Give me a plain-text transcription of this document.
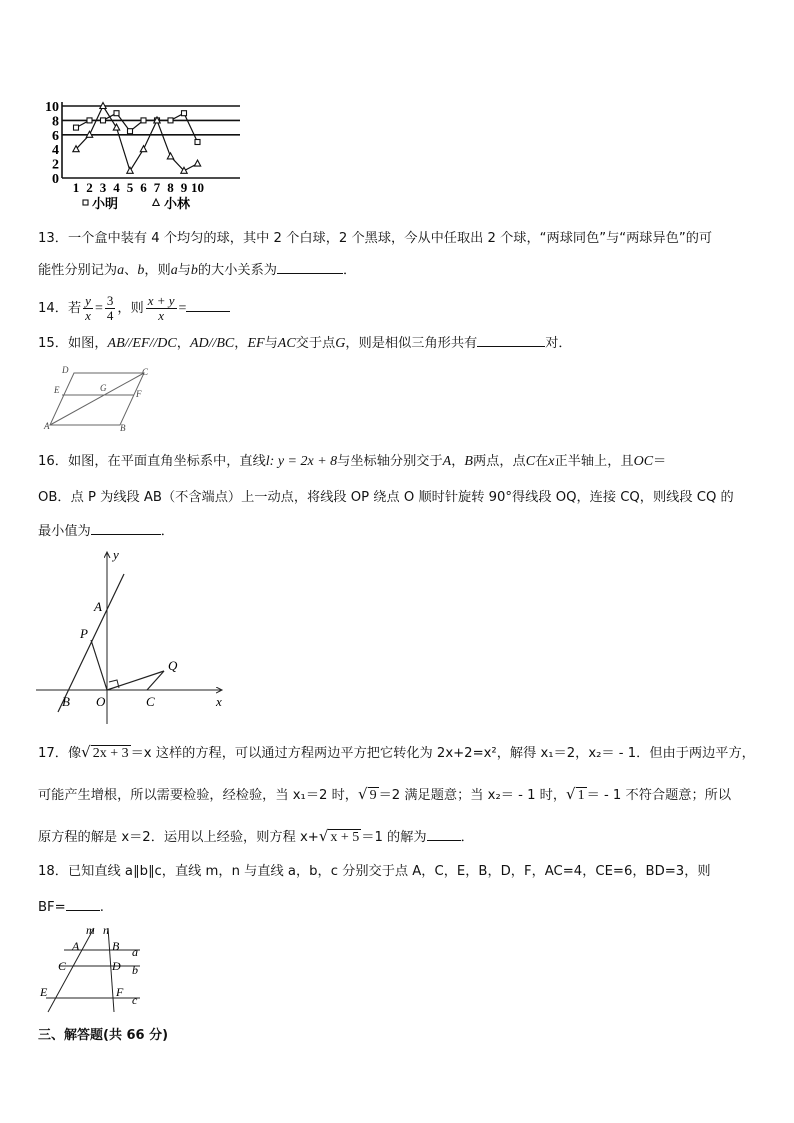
0
2
4
6
8
10
1 2 3 4 5 6 7 8 9 10
小明	小林
13．一个盒中装有 4 个均匀的球，其中 2 个白球，2 个黑球，今从中任取出 2 个球，“两球同色”与“两球异色”的可
能性分别记为a、b，则a与b的大小关系为	．
14．若 $\frac{y}{x} = \frac{3}{4}$ ，则 $\frac{x + y}{x}$ =
15．如图，AB//EF//DC，AD//BC，EF与AC交于点G，则是相似三角形共有	对．
D	C
E	G
F
A	B
16．如图，在平面直角坐标系中，直线l: y = 2x + 8与坐标轴分别交于A，B两点，点C在x正半轴上，且OC＝
OB．点 P 为线段 AB（不含端点）上一动点，将线段 OP 绕点 O 顺时针旋转 90°得线段 OQ，连接 CQ，则线段 CQ 的
最小值为	．
y
x
A
P
Q
B O	C
17．像√ 2x + 3 ＝x 这样的方程，可以通过方程两边平方把它转化为 2x+2=x²，解得 x₁＝2，x₂＝ - 1．但由于两边平方，
可能产生增根，所以需要检验，经检验，当 x₁＝2 时，√ 9 ＝2 满足题意；当 x₂＝ - 1 时，√ 1 ＝ - 1 不符合题意；所以
原方程的解是 x＝2．运用以上经验，则方程 x+√ x + 5 ＝1 的解为	．
18．已知直线 a∥b∥c，直线 m，n 与直线 a，b，c 分别交于点 A，C，E，B，D，F，AC=4，CE=6，BD=3，则
BF=	.
m n
A	B a
C	D b
E	F
c
三、解答题(共 66 分)
